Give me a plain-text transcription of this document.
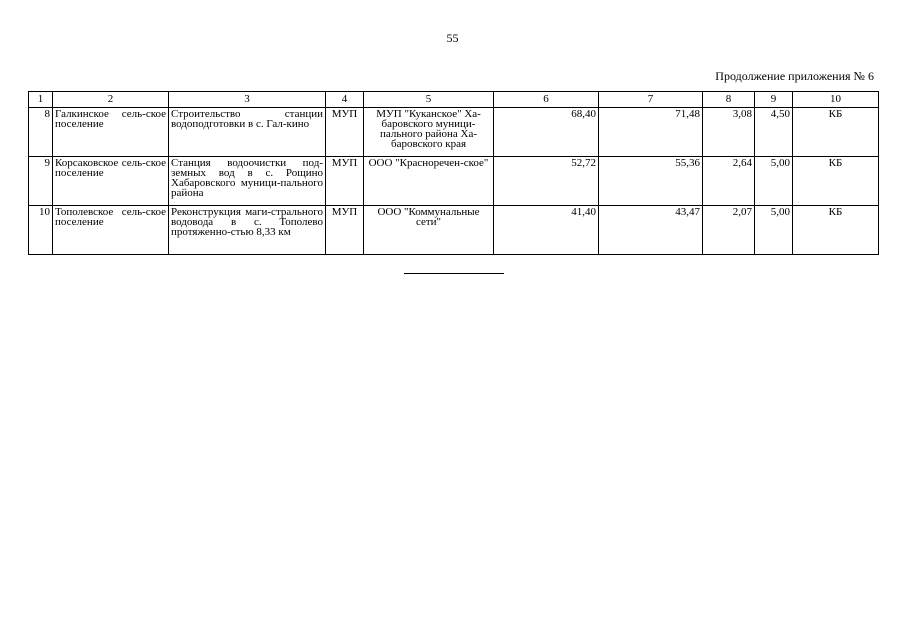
55
Продолжение приложения № 6
1	2	3	4	5	6	7	8	9	10
8	Галкинское сель-ское поселение	Строительство станции водоподготовки в с. Гал-кино	МУП	МУП "Куканское" Ха-баровского муници-пального района Ха-баровского края	68,40	71,48	3,08	4,50	КБ
9	Корсаковское сель-ское поселение	Станция водоочистки под-земных вод в с. Рощино Хабаровского муници-пального района	МУП	ООО "Красноречен-ское"	52,72	55,36	2,64	5,00	КБ
10	Тополевское сель-ское поселение	Реконструкция маги-стрального водовода в с. Тополево протяженно-стью 8,33 км	МУП	ООО "Коммунальные сети"	41,40	43,47	2,07	5,00	КБ
